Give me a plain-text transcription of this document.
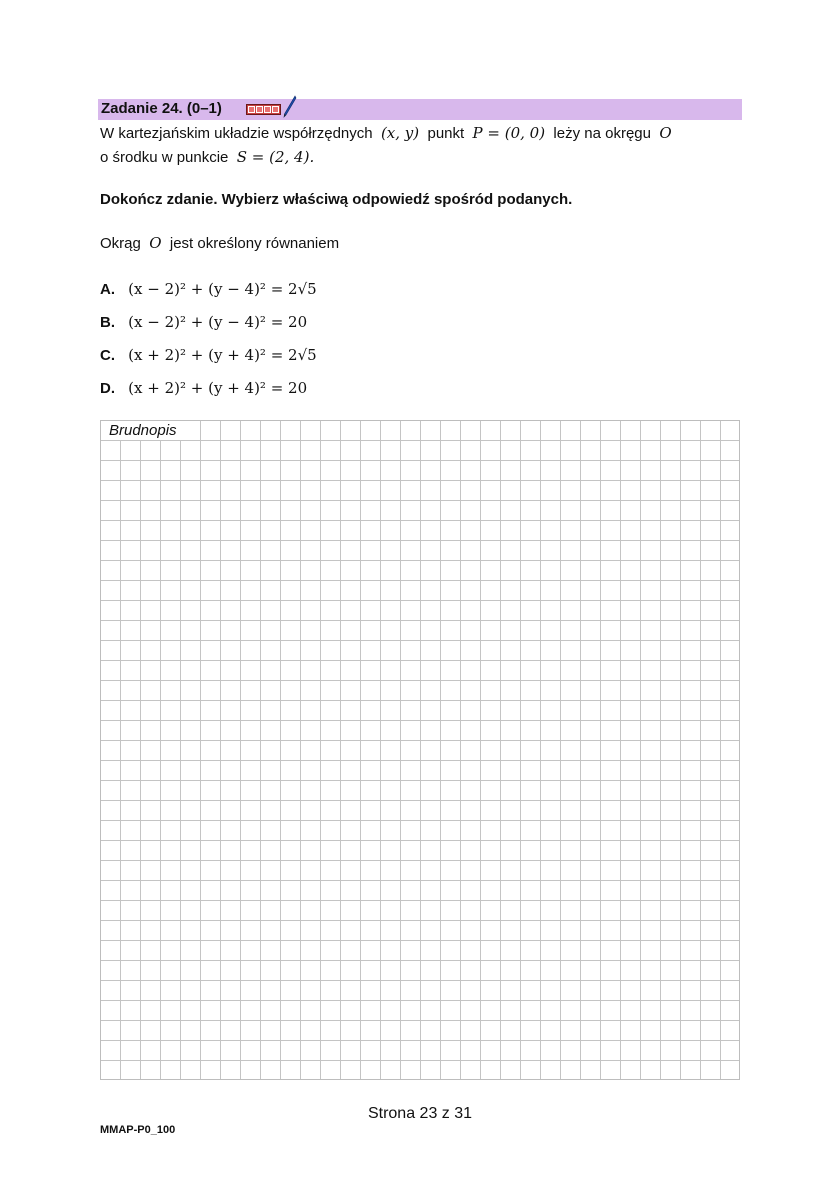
Zadanie 24. (0–1)
W kartezjańskim układzie współrzędnych (x, y) punkt P = (0, 0) leży na okręgu O
o środku w punkcie S = (2, 4).
Dokończ zdanie. Wybierz właściwą odpowiedź spośród podanych.
Okrąg O jest określony równaniem
A. (x − 2)² + (y − 4)² = 2√5
B. (x − 2)² + (y − 4)² = 20
C. (x + 2)² + (y + 4)² = 2√5
D. (x + 2)² + (y + 4)² = 20
Brudnopis
Strona 23 z 31
MMAP-P0_100
